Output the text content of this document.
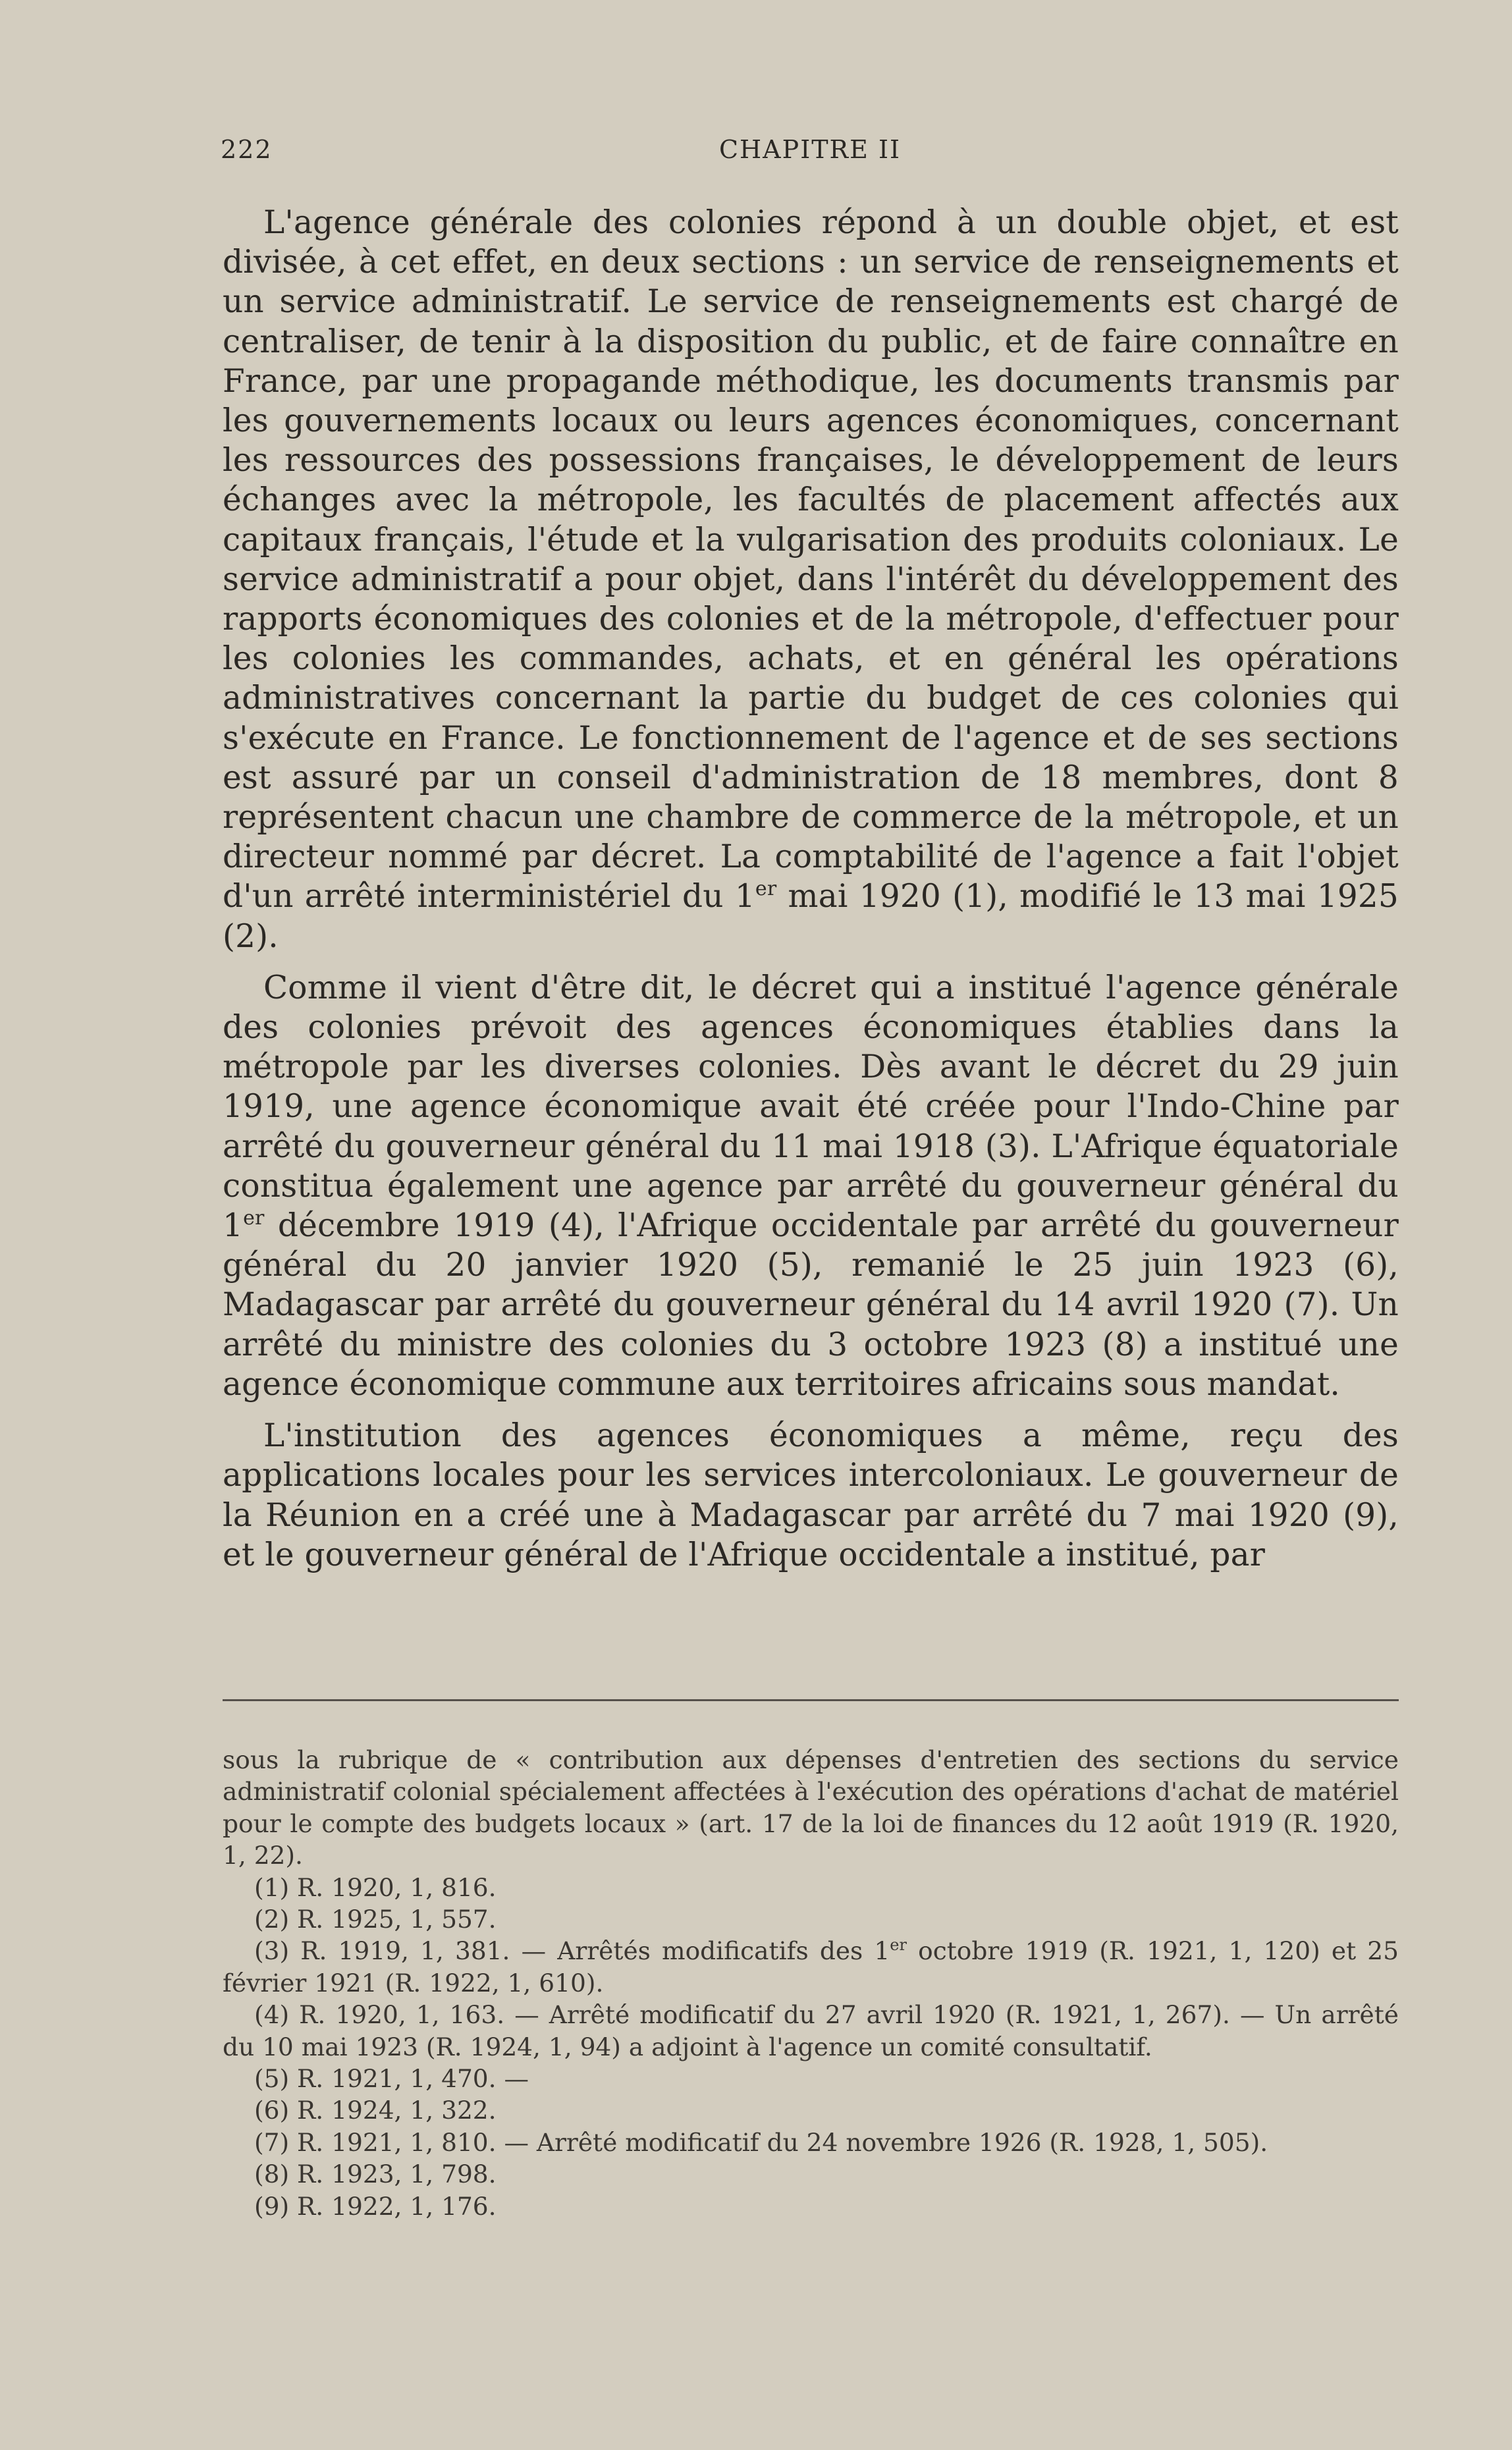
222	CHAPITRE II

L'agence générale des colonies répond à un double objet, et est divisée, à cet effet, en deux sections : un service de renseignements et un service administratif. Le service de renseignements est chargé de centraliser, de tenir à la disposition du public, et de faire connaître en France, par une propagande méthodique, les documents transmis par les gouvernements locaux ou leurs agences économiques, concernant les ressources des possessions françaises, le développement de leurs échanges avec la métropole, les facultés de placement affectés aux capitaux français, l'étude et la vulgarisation des produits coloniaux. Le service administratif a pour objet, dans l'intérêt du développement des rapports économiques des colonies et de la métropole, d'effectuer pour les colonies les commandes, achats, et en général les opérations administratives concernant la partie du budget de ces colonies qui s'exécute en France. Le fonctionnement de l'agence et de ses sections est assuré par un conseil d'administration de 18 membres, dont 8 représentent chacun une chambre de commerce de la métropole, et un directeur nommé par décret. La comptabilité de l'agence a fait l'objet d'un arrêté interministériel du 1er mai 1920 (1), modifié le 13 mai 1925 (2).

Comme il vient d'être dit, le décret qui a institué l'agence générale des colonies prévoit des agences économiques établies dans la métropole par les diverses colonies. Dès avant le décret du 29 juin 1919, une agence économique avait été créée pour l'Indo-Chine par arrêté du gouverneur général du 11 mai 1918 (3). L'Afrique équatoriale constitua également une agence par arrêté du gouverneur général du 1er décembre 1919 (4), l'Afrique occidentale par arrêté du gouverneur général du 20 janvier 1920 (5), remanié le 25 juin 1923 (6), Madagascar par arrêté du gouverneur général du 14 avril 1920 (7). Un arrêté du ministre des colonies du 3 octobre 1923 (8) a institué une agence économique commune aux territoires africains sous mandat.

L'institution des agences économiques a même, reçu des applications locales pour les services intercoloniaux. Le gouverneur de la Réunion en a créé une à Madagascar par arrêté du 7 mai 1920 (9), et le gouverneur général de l'Afrique occidentale a institué, par

sous la rubrique de « contribution aux dépenses d'entretien des sections du service administratif colonial spécialement affectées à l'exécution des opérations d'achat de matériel pour le compte des budgets locaux » (art. 17 de la loi de finances du 12 août 1919 (R. 1920, 1, 22).
(1) R. 1920, 1, 816.
(2) R. 1925, 1, 557.
(3) R. 1919, 1, 381. — Arrêtés modificatifs des 1er octobre 1919 (R. 1921, 1, 120) et 25 février 1921 (R. 1922, 1, 610).
(4) R. 1920, 1, 163. — Arrêté modificatif du 27 avril 1920 (R. 1921, 1, 267). — Un arrêté du 10 mai 1923 (R. 1924, 1, 94) a adjoint à l'agence un comité consultatif.
(5) R. 1921, 1, 470. —
(6) R. 1924, 1, 322.
(7) R. 1921, 1, 810. — Arrêté modificatif du 24 novembre 1926 (R. 1928, 1, 505).
(8) R. 1923, 1, 798.
(9) R. 1922, 1, 176.
